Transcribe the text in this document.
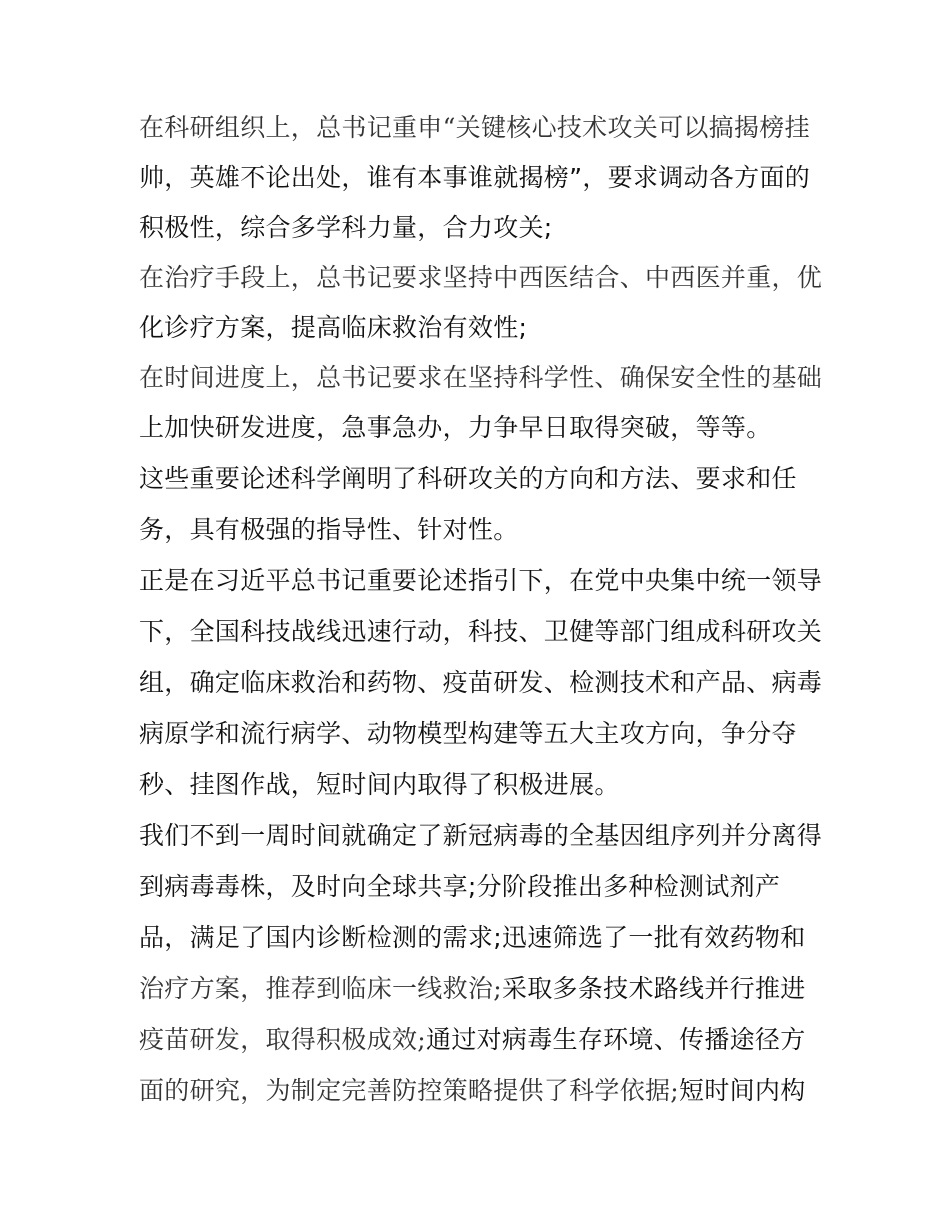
在科研组织上，总书记重申“关键核心技术攻关可以搞揭榜挂
帅，英雄不论出处，谁有本事谁就揭榜”，要求调动各方面的
积极性，综合多学科力量，合力攻关;
在治疗手段上，总书记要求坚持中西医结合、中西医并重，优
化诊疗方案，提高临床救治有效性;
在时间进度上，总书记要求在坚持科学性、确保安全性的基础
上加快研发进度，急事急办，力争早日取得突破，等等。
这些重要论述科学阐明了科研攻关的方向和方法、要求和任
务，具有极强的指导性、针对性。
正是在习近平总书记重要论述指引下，在党中央集中统一领导
下，全国科技战线迅速行动，科技、卫健等部门组成科研攻关
组，确定临床救治和药物、疫苗研发、检测技术和产品、病毒
病原学和流行病学、动物模型构建等五大主攻方向，争分夺
秒、挂图作战，短时间内取得了积极进展。
我们不到一周时间就确定了新冠病毒的全基因组序列并分离得
到病毒毒株，及时向全球共享;分阶段推出多种检测试剂产
品，满足了国内诊断检测的需求;迅速筛选了一批有效药物和
治疗方案，推荐到临床一线救治;采取多条技术路线并行推进
疫苗研发，取得积极成效;通过对病毒生存环境、传播途径方
面的研究，为制定完善防控策略提供了科学依据;短时间内构
